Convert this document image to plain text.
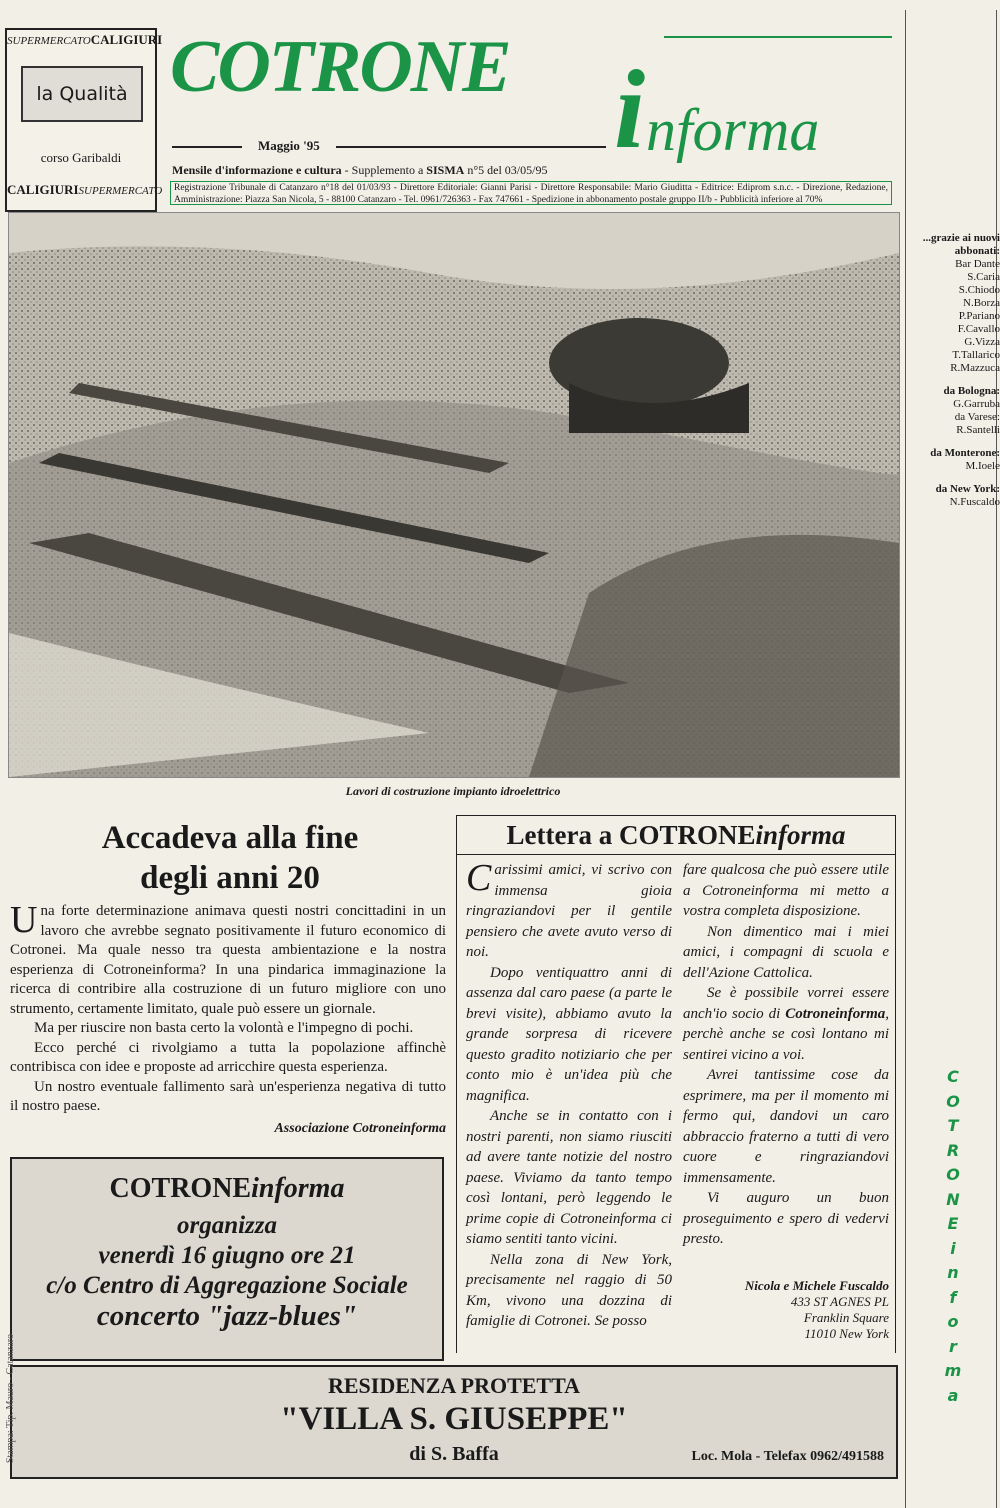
SUPERMERCATOCALIGIURI
la Qualità
corso Garibaldi
CALIGIURISUPERMERCATO
COTRONE i nforma
Maggio '95
Mensile d'informazione e cultura - Supplemento a SISMA n°5 del 03/05/95
Registrazione Tribunale di Catanzaro n°18 del 01/03/93 - Direttore Editoriale: Gianni Parisi - Direttore Responsabile: Mario Giuditta - Editrice: Ediprom s.n.c. - Direzione, Redazione, Amministrazione: Piazza San Nicola, 5 - 88100 Catanzaro - Tel. 0961/726363 - Fax 747661 - Spedizione in abbonamento postale gruppo II/b - Pubblicità inferiore al 70%
Lavori di costruzione impianto idroelettrico
...grazie ai nuovi abbonati:
Bar Dante
S.Caria
S.Chiodo
N.Borza
P.Pariano
F.Cavallo
G.Vizza
T.Tallarico
R.Mazzuca
da Bologna:
G.Garruba
da Varese:
R.Santelli
da Monterone:
M.Ioele
da New York:
N.Fuscaldo
C
O
T
R
O
N
E
i
n
f
o
r
m
a
Accadeva alla fine
degli anni 20

Una forte determinazione animava questi nostri concittadini in un lavoro che avrebbe segnato positivamente il futuro economico di Cotronei. Ma quale nesso tra questa ambientazione e la nostra esperienza di Cotroneinforma? In una pindarica immaginazione la ricerca di contribire alla costruzione di un futuro migliore con uno strumento, certamente limitato, quale può essere un giornale.

Ma per riuscire non basta certo la volontà e l'impegno di pochi.

Ecco perché ci rivolgiamo a tutta la popolazione affinchè contribisca con idee e proposte ad arricchire questa esperienza.

Un nostro eventuale fallimento sarà un'esperienza negativa di tutto il nostro paese.

Associazione Cotroneinforma
COTRONEinforma
organizza
venerdì 16 giugno ore 21
c/o Centro di Aggregazione Sociale
concerto "jazz-blues"
Lettera a COTRONEinforma

Carissimi amici, vi scrivo con immensa gioia ringraziandovi per il gentile pensiero che avete avuto verso di noi.

Dopo ventiquattro anni di assenza dal caro paese (a parte le brevi visite), abbiamo avuto la grande sorpresa di ricevere questo gradito notiziario che per conto mio è un'idea più che magnifica.

Anche se in contatto con i nostri parenti, non siamo riusciti ad avere tante notizie del nostro paese. Viviamo da tanto tempo così lontani, però leggendo le prime copie di Cotroneinforma ci siamo sentiti tanto vicini.

Nella zona di New York, precisamente nel raggio di 50 Km, vivono una dozzina di famiglie di Cotronei. Se posso

fare qualcosa che può essere utile a Cotroneinforma mi metto a vostra completa disposizione.

Non dimentico mai i miei amici, i compagni di scuola e dell'Azione Cattolica.

Se è possibile vorrei essere anch'io socio di Cotroneinforma, perchè anche se così lontano mi sentirei vicino a voi.

Avrei tantissime cose da esprimere, ma per il momento mi fermo qui, dandovi un caro abbraccio fraterno a tutti di vero cuore e ringraziandovi immensamente.

Vi auguro un buon proseguimento e spero di vedervi presto.

Nicola e Michele Fuscaldo
433 ST AGNES PL
Franklin Square
11010 New York
RESIDENZA PROTETTA
"VILLA S. GIUSEPPE"
di S. Baffa	Loc. Mola - Telefax 0962/491588
Stampa: Tip. Mauro - Catanzaro
